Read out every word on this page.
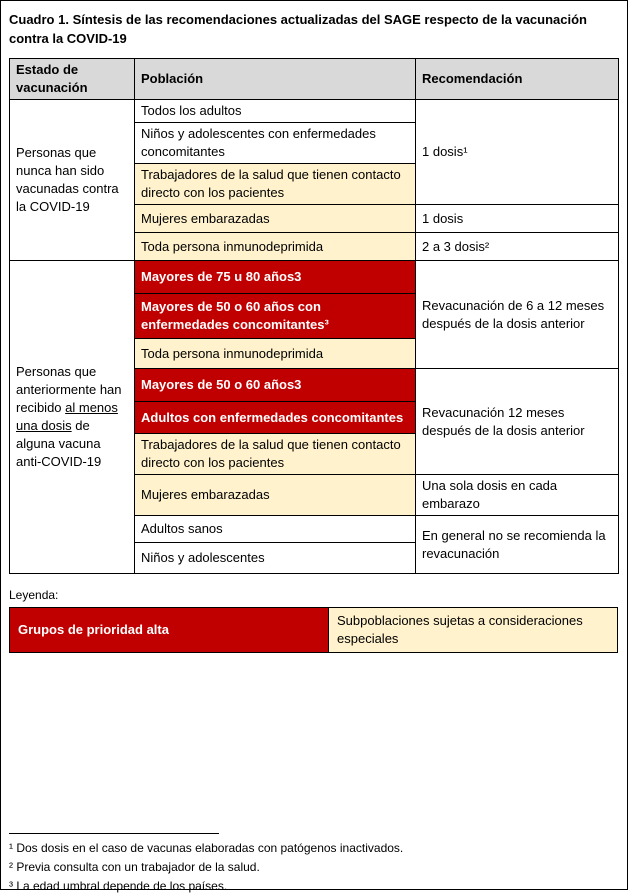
Cuadro 1. Síntesis de las recomendaciones actualizadas del SAGE respecto de la vacunación contra la COVID-19
Estado de vacunación	Población	Recomendación
Personas que nunca han sido vacunadas contra la COVID-19	Todos los adultos	1 dosis¹
	Niños y adolescentes con enfermedades concomitantes	
	Trabajadores de la salud que tienen contacto directo con los pacientes	
	Mujeres embarazadas	1 dosis
	Toda persona inmunodeprimida	2 a 3 dosis²
Personas que anteriormente han recibido al menos una dosis de alguna vacuna anti-COVID-19	Mayores de 75 u 80 años3	Revacunación de 6 a 12 meses después de la dosis anterior
	Mayores de 50 o 60 años con enfermedades concomitantes³	
	Toda persona inmunodeprimida	
	Mayores de 50 o 60 años3	Revacunación 12 meses después de la dosis anterior
	Adultos con enfermedades concomitantes	
	Trabajadores de la salud que tienen contacto directo con los pacientes	
	Mujeres embarazadas	Una sola dosis en cada embarazo
	Adultos sanos	En general no se recomienda la revacunación
	Niños y adolescentes	
Leyenda:
Grupos de prioridad alta	Subpoblaciones sujetas a consideraciones especiales
¹ Dos dosis en el caso de vacunas elaboradas con patógenos inactivados.
² Previa consulta con un trabajador de la salud.
³ La edad umbral depende de los países.
